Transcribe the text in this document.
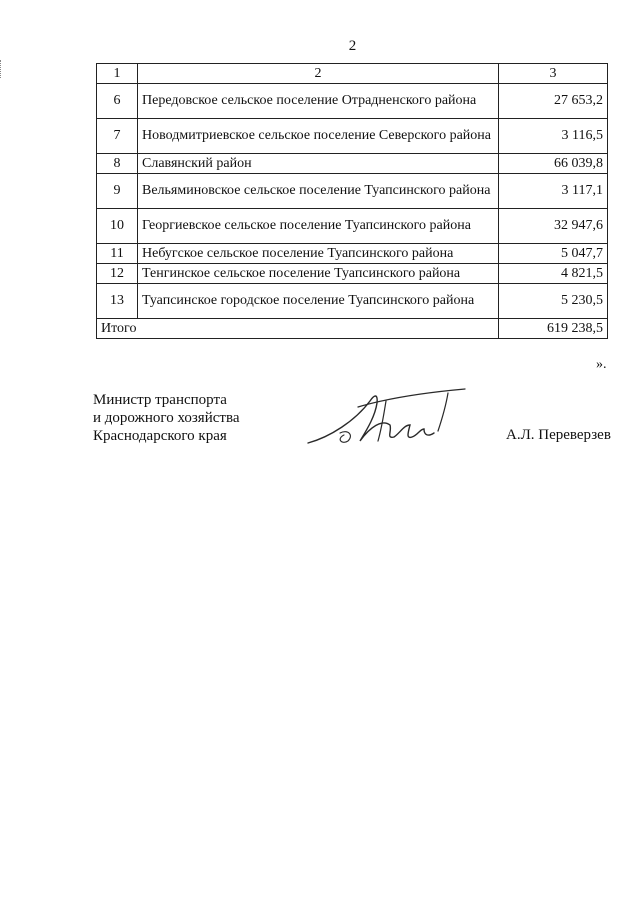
2
1	2	3
6	Передовское сельское поселение Отрадненского района	27 653,2
7	Новодмитриевское сельское поселение Северского района	3 116,5
8	Славянский район	66 039,8
9	Вельяминовское сельское поселение Туапсинского района	3 117,1
10	Георгиевское сельское поселение Туапсинского района	32 947,6
11	Небугское сельское поселение Туапсинского района	5 047,7
12	Тенгинское сельское поселение Туапсинского района	4 821,5
13	Туапсинское городское поселение Туапсинского района	5 230,5
Итого		619 238,5
».
Министр транспорта
и дорожного хозяйства
Краснодарского края	А.Л. Переверзев
